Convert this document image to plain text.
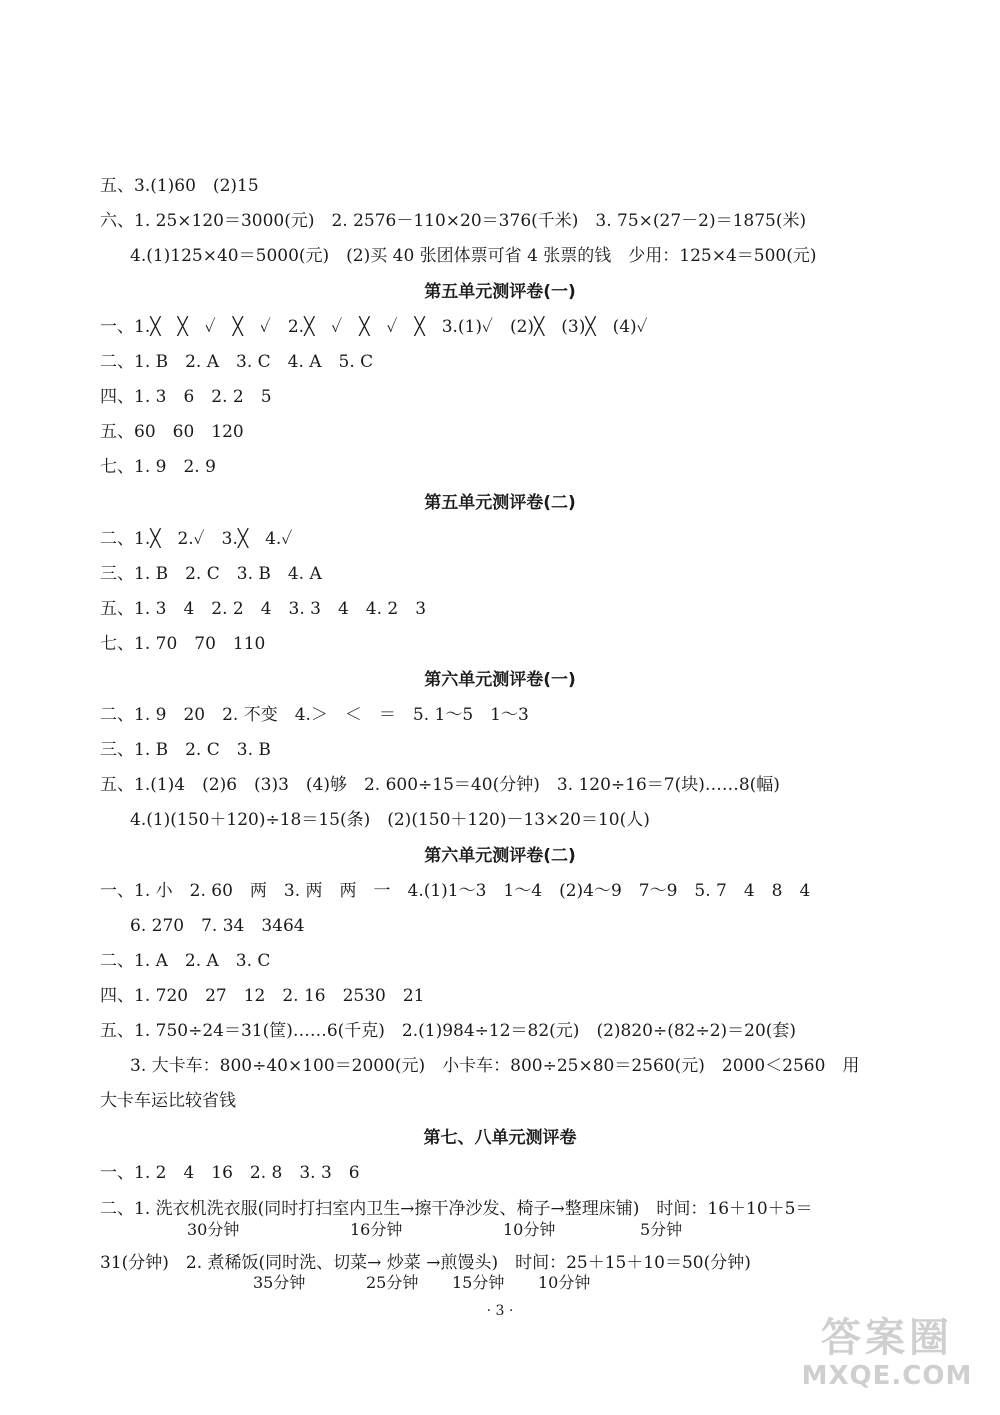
五、3.(1)60　(2)15
六、1. 25×120＝3000(元)　2. 2576－110×20＝376(千米)　3. 75×(27－2)＝1875(米)
4.(1)125×40＝5000(元)　(2)买 40 张团体票可省 4 张票的钱　少用：125×4＝500(元)
第五单元测评卷(一)
一、1.╳　╳　✓　╳　✓　2.╳　✓　╳　✓　╳　3.(1)✓　(2)╳　(3)╳　(4)✓
二、1. B　2. A　3. C　4. A　5. C
四、1. 3　6　2. 2　5
五、60　60　120
七、1. 9　2. 9
第五单元测评卷(二)
二、1.╳　2.✓　3.╳　4.✓
三、1. B　2. C　3. B　4. A
五、1. 3　4　2. 2　4　3. 3　4　4. 2　3
七、1. 70　70　110
第六单元测评卷(一)
二、1. 9　20　2. 不变　4.＞　＜　＝　5. 1～5　1～3
三、1. B　2. C　3. B
五、1.(1)4　(2)6　(3)3　(4)够　2. 600÷15＝40(分钟)　3. 120÷16＝7(块)……8(幅)
4.(1)(150＋120)÷18＝15(条)　(2)(150＋120)－13×20＝10(人)
第六单元测评卷(二)
一、1. 小　2. 60　两　3. 两　两　一　4.(1)1～3　1～4　(2)4～9　7～9　5. 7　4　8　4
6. 270　7. 34　3464
二、1. A　2. A　3. C
四、1. 720　27　12　2. 16　2530　21
五、1. 750÷24＝31(筐)……6(千克)　2.(1)984÷12＝82(元)　(2)820÷(82÷2)＝20(套)
3. 大卡车：800÷40×100＝2000(元)　小卡车：800÷25×80＝2560(元)　2000＜2560　用
大卡车运比较省钱
第七、八单元测评卷
一、1. 2　4　16　2. 8　3. 3　6
二、1. 洗衣机洗衣服(同时打扫室内卫生→擦干净沙发、椅子→整理床铺)　时间：16＋10＋5＝
30分钟	16分钟	10分钟	5分钟
31(分钟)　2. 煮稀饭(同时洗、切菜→ 炒菜 →煎馒头)　时间：25＋15＋10＝50(分钟)
35分钟	25分钟 15分钟 10分钟
· 3 ·
答案圈
MXQE.COM
